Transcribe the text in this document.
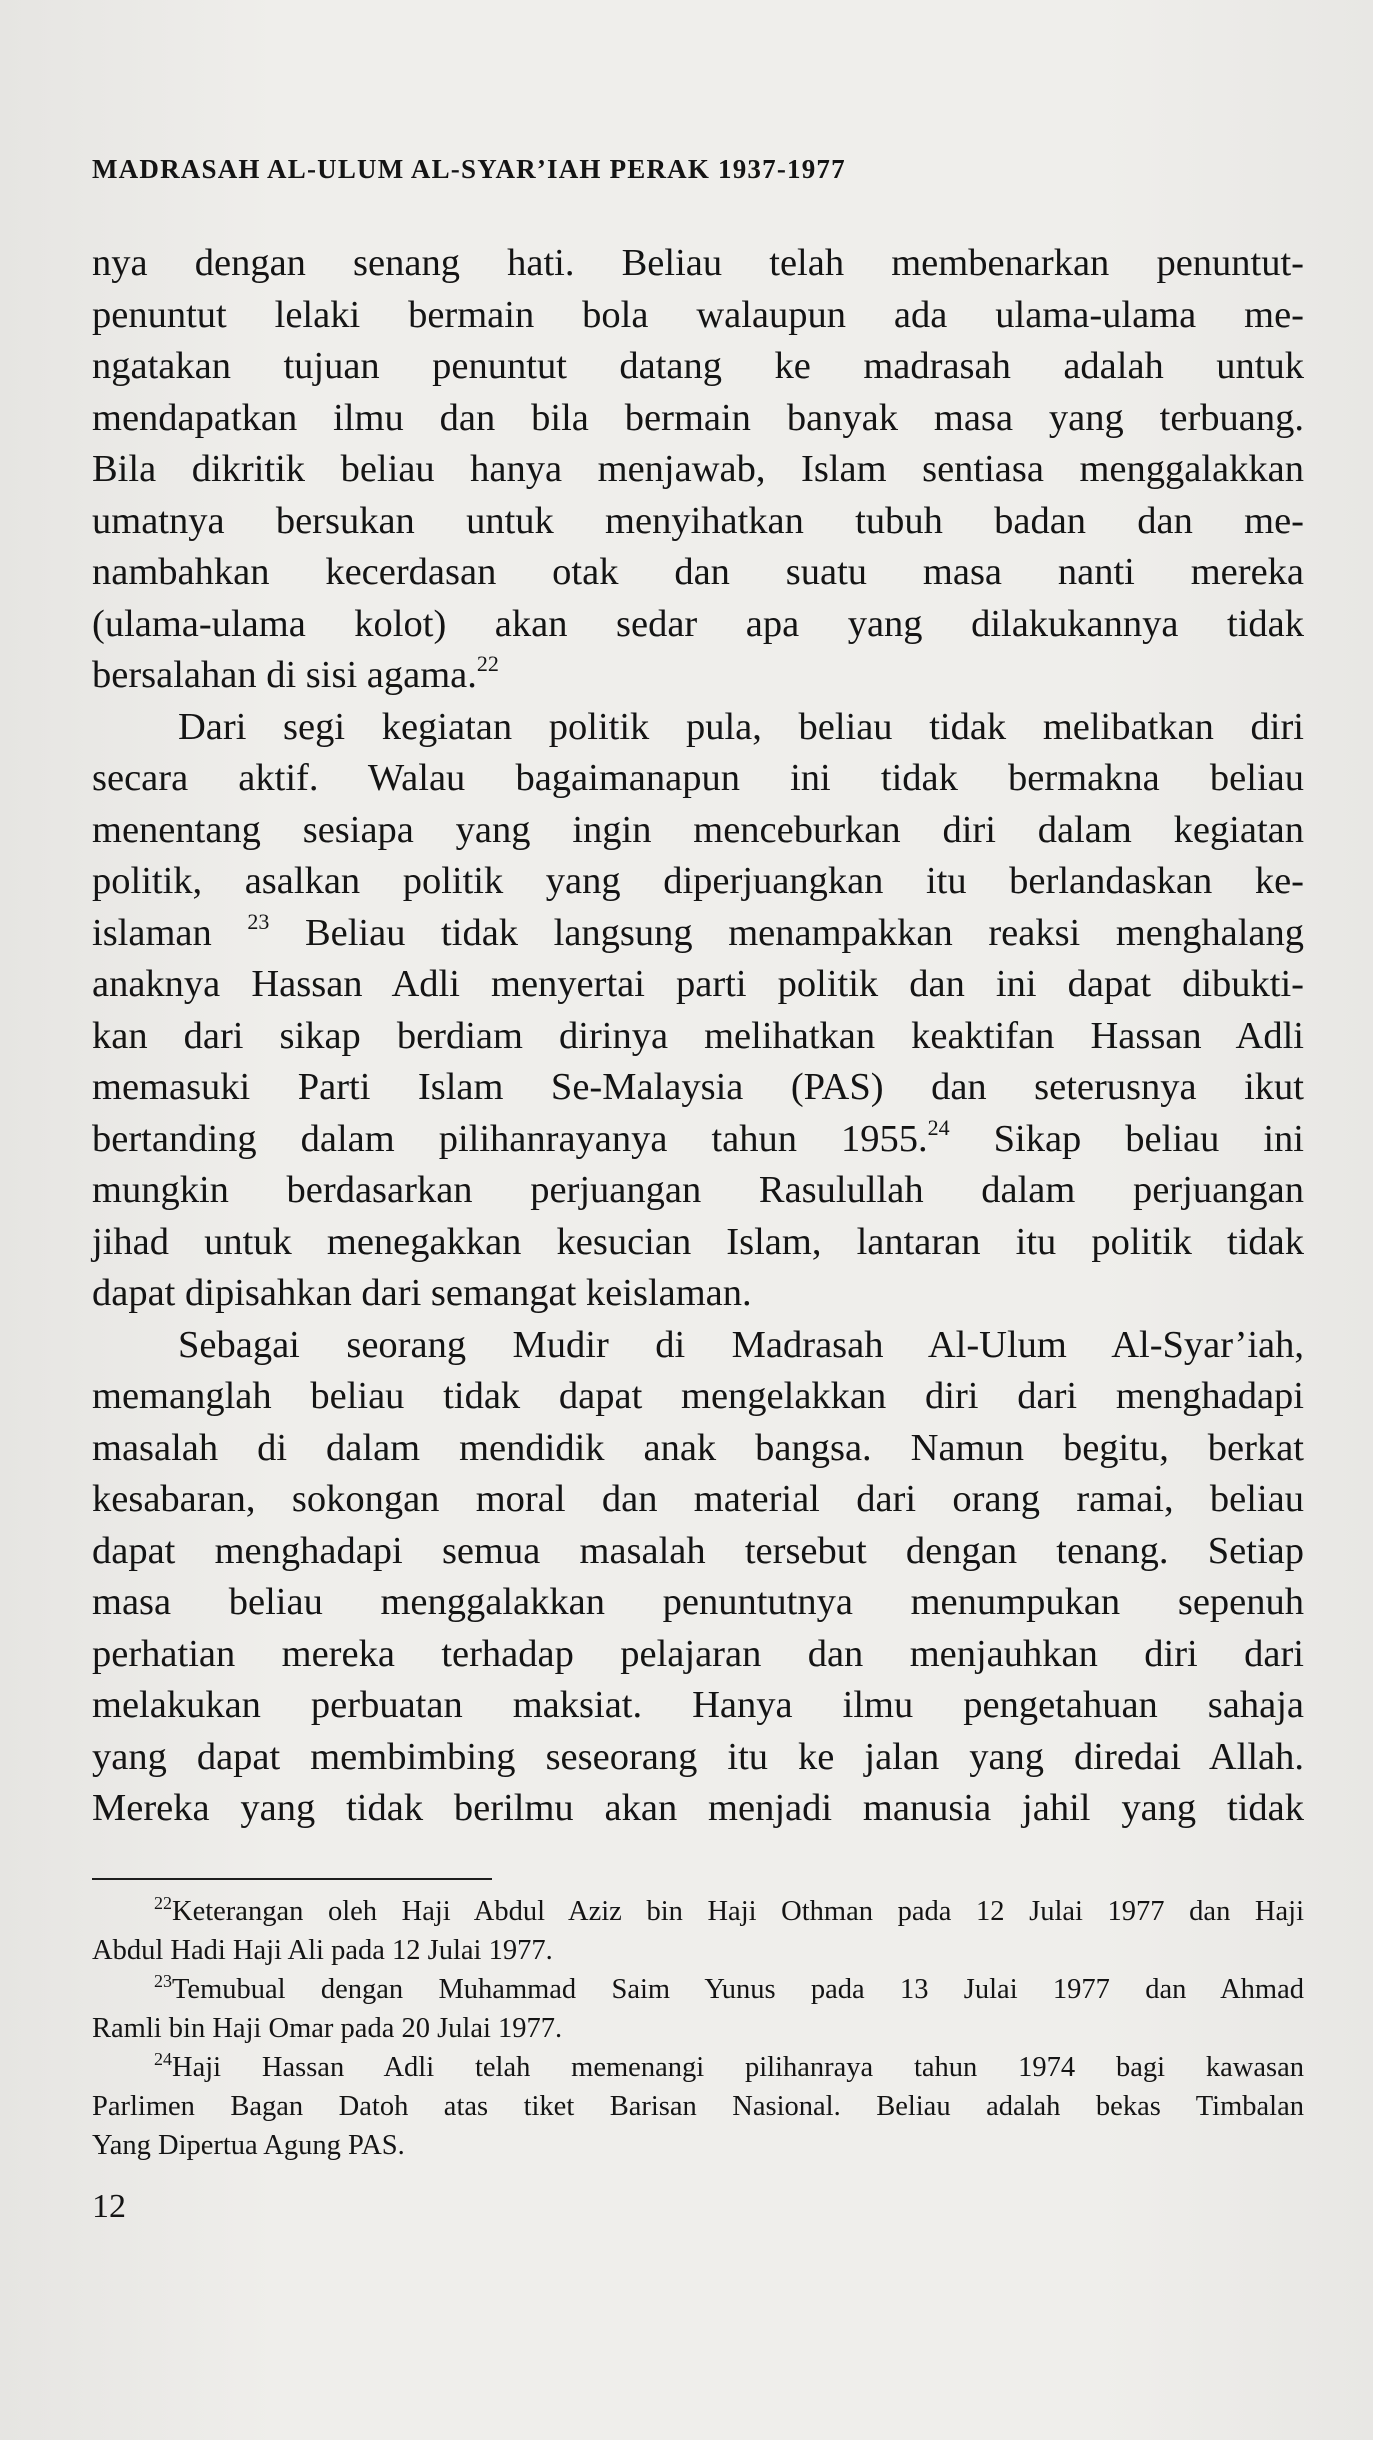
MADRASAH AL-ULUM AL-SYAR’IAH PERAK 1937-1977
nya dengan senang hati. Beliau telah membenarkan penuntut-
penuntut lelaki bermain bola walaupun ada ulama-ulama me-
ngatakan tujuan penuntut datang ke madrasah adalah untuk
mendapatkan ilmu dan bila bermain banyak masa yang terbuang.
Bila dikritik beliau hanya menjawab, Islam sentiasa menggalakkan
umatnya bersukan untuk menyihatkan tubuh badan dan me-
nambahkan kecerdasan otak dan suatu masa nanti mereka
(ulama-ulama kolot) akan sedar apa yang dilakukannya tidak
bersalahan di sisi agama.$^{22}$
Dari segi kegiatan politik pula, beliau tidak melibatkan diri
secara aktif. Walau bagaimanapun ini tidak bermakna beliau
menentang sesiapa yang ingin menceburkan diri dalam kegiatan
politik, asalkan politik yang diperjuangkan itu berlandaskan ke-
islaman $^{23}$ Beliau tidak langsung menampakkan reaksi menghalang
anaknya Hassan Adli menyertai parti politik dan ini dapat dibukti-
kan dari sikap berdiam dirinya melihatkan keaktifan Hassan Adli
memasuki Parti Islam Se-Malaysia (PAS) dan seterusnya ikut
bertanding dalam pilihanrayanya tahun 1955.24 Sikap beliau ini
mungkin berdasarkan perjuangan Rasulullah dalam perjuangan
jihad untuk menegakkan kesucian Islam, lantaran itu politik tidak
dapat dipisahkan dari semangat keislaman.
Sebagai seorang Mudir di Madrasah Al-Ulum Al-Syar’iah,
memanglah beliau tidak dapat mengelakkan diri dari menghadapi
masalah di dalam mendidik anak bangsa. Namun begitu, berkat
kesabaran, sokongan moral dan material dari orang ramai, beliau
dapat menghadapi semua masalah tersebut dengan tenang. Setiap
masa beliau menggalakkan penuntutnya menumpukan sepenuh
perhatian mereka terhadap pelajaran dan menjauhkan diri dari
melakukan perbuatan maksiat. Hanya ilmu pengetahuan sahaja
yang dapat membimbing seseorang itu ke jalan yang diredai Allah.
Mereka yang tidak berilmu akan menjadi manusia jahil yang tidak
$^{22}$Keterangan oleh Haji Abdul Aziz bin Haji Othman pada 12 Julai 1977 dan Haji
Abdul Hadi Haji Ali pada 12 Julai 1977.
$^{23}$Temubual dengan Muhammad Saim Yunus pada 13 Julai 1977 dan Ahmad
Ramli bin Haji Omar pada 20 Julai 1977.
$^{24}$Haji Hassan Adli telah memenangi pilihanraya tahun 1974 bagi kawasan
Parlimen Bagan Datoh atas tiket Barisan Nasional. Beliau adalah bekas Timbalan
Yang Dipertua Agung PAS.
12
